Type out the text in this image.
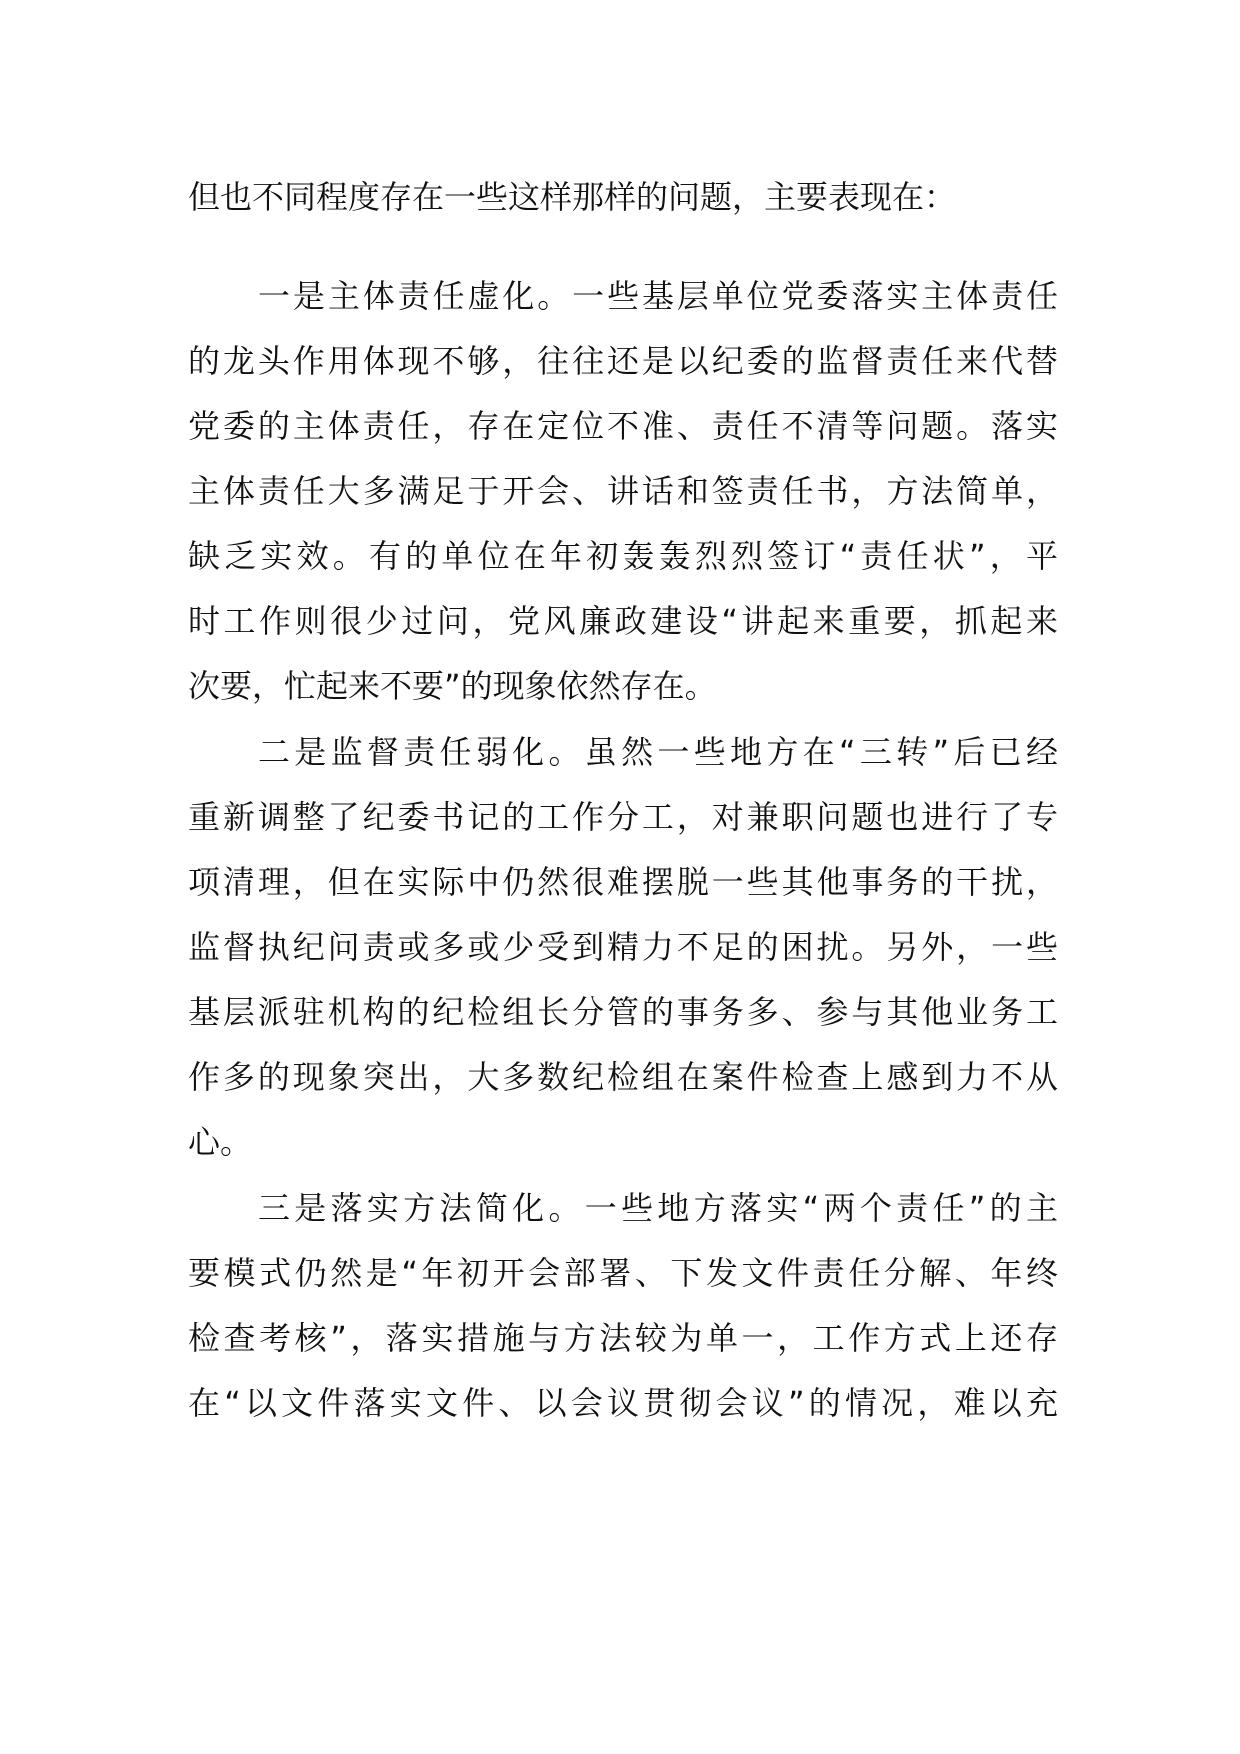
但也不同程度存在一些这样那样的问题，主要表现在：
一是主体责任虚化。一些基层单位党委落实主体责任
的龙头作用体现不够，往往还是以纪委的监督责任来代替
党委的主体责任，存在定位不准、责任不清等问题。落实
主体责任大多满足于开会、讲话和签责任书，方法简单，
缺乏实效。有的单位在年初轰轰烈烈签订“责任状”，平
时工作则很少过问，党风廉政建设“讲起来重要，抓起来
次要，忙起来不要”的现象依然存在。
二是监督责任弱化。虽然一些地方在“三转”后已经
重新调整了纪委书记的工作分工，对兼职问题也进行了专
项清理，但在实际中仍然很难摆脱一些其他事务的干扰，
监督执纪问责或多或少受到精力不足的困扰。另外，一些
基层派驻机构的纪检组长分管的事务多、参与其他业务工
作多的现象突出，大多数纪检组在案件检查上感到力不从
心。
三是落实方法简化。一些地方落实“两个责任”的主
要模式仍然是“年初开会部署、下发文件责任分解、年终
检查考核”，落实措施与方法较为单一，工作方式上还存
在“以文件落实文件、以会议贯彻会议”的情况，难以充
